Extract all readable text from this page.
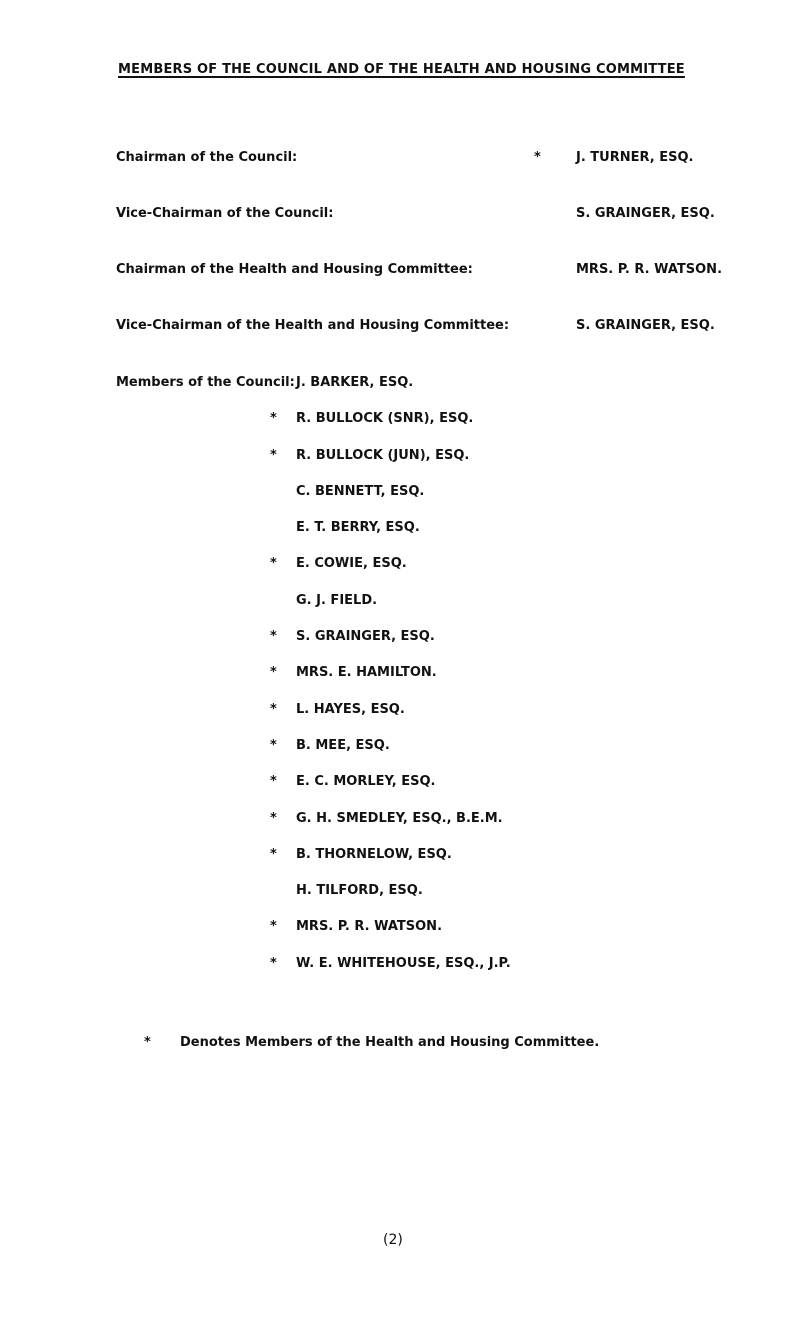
MEMBERS OF THE COUNCIL AND OF THE HEALTH AND HOUSING COMMITTEE
Chairman of the Council:	*	J. TURNER, ESQ.
Vice-Chairman of the Council:	S. GRAINGER, ESQ.
Chairman of the Health and Housing Committee:	MRS. P. R. WATSON.
Vice-Chairman of the Health and Housing Committee:	S. GRAINGER, ESQ.
Members of the Council: J. BARKER, ESQ.
*	R. BULLOCK (SNR), ESQ.
*	R. BULLOCK (JUN), ESQ.
C. BENNETT, ESQ.
E. T. BERRY, ESQ.
*	E. COWIE, ESQ.
G. J. FIELD.
*	S. GRAINGER, ESQ.
*	MRS. E. HAMILTON.
*	L. HAYES, ESQ.
*	B. MEE, ESQ.
*	E. C. MORLEY, ESQ.
*	G. H. SMEDLEY, ESQ., B.E.M.
*	B. THORNELOW, ESQ.
H. TILFORD, ESQ.
*	MRS. P. R. WATSON.
*	W. E. WHITEHOUSE, ESQ., J.P.
* Denotes Members of the Health and Housing Committee.
(2)
